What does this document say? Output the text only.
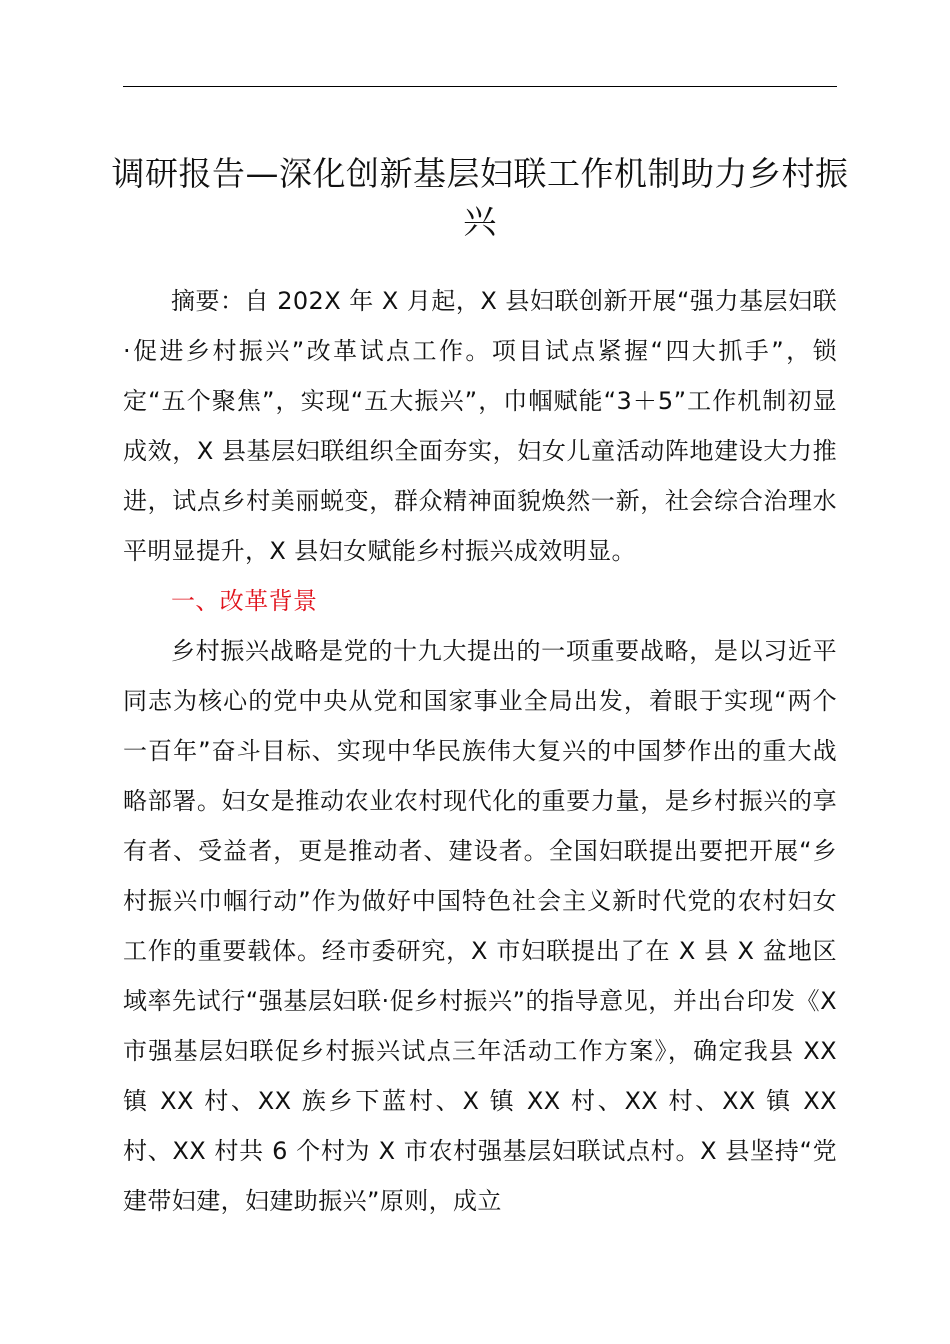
调研报告—深化创新基层妇联工作机制助力乡村振兴

摘要：自 202X 年 X 月起，X 县妇联创新开展“强力基层妇联·促进乡村振兴”改革试点工作。项目试点紧握“四大抓手”，锁定“五个聚焦”，实现“五大振兴”，巾帼赋能“3＋5”工作机制初显成效，X 县基层妇联组织全面夯实，妇女儿童活动阵地建设大力推进，试点乡村美丽蜕变，群众精神面貌焕然一新，社会综合治理水平明显提升，X 县妇女赋能乡村振兴成效明显。

一、改革背景

乡村振兴战略是党的十九大提出的一项重要战略，是以习近平同志为核心的党中央从党和国家事业全局出发，着眼于实现“两个一百年”奋斗目标、实现中华民族伟大复兴的中国梦作出的重大战略部署。妇女是推动农业农村现代化的重要力量，是乡村振兴的享有者、受益者，更是推动者、建设者。全国妇联提出要把开展“乡村振兴巾帼行动”作为做好中国特色社会主义新时代党的农村妇女工作的重要载体。经市委研究，X 市妇联提出了在 X 县 X 盆地区域率先试行“强基层妇联·促乡村振兴”的指导意见，并出台印发《X 市强基层妇联促乡村振兴试点三年活动工作方案》，确定我县 XX 镇 XX 村、XX 族乡下蓝村、X 镇 XX 村、XX 村、XX 镇 XX 村、XX 村共 6 个村为 X 市农村强基层妇联试点村。X 县坚持“党建带妇建，妇建助振兴”原则，成立
